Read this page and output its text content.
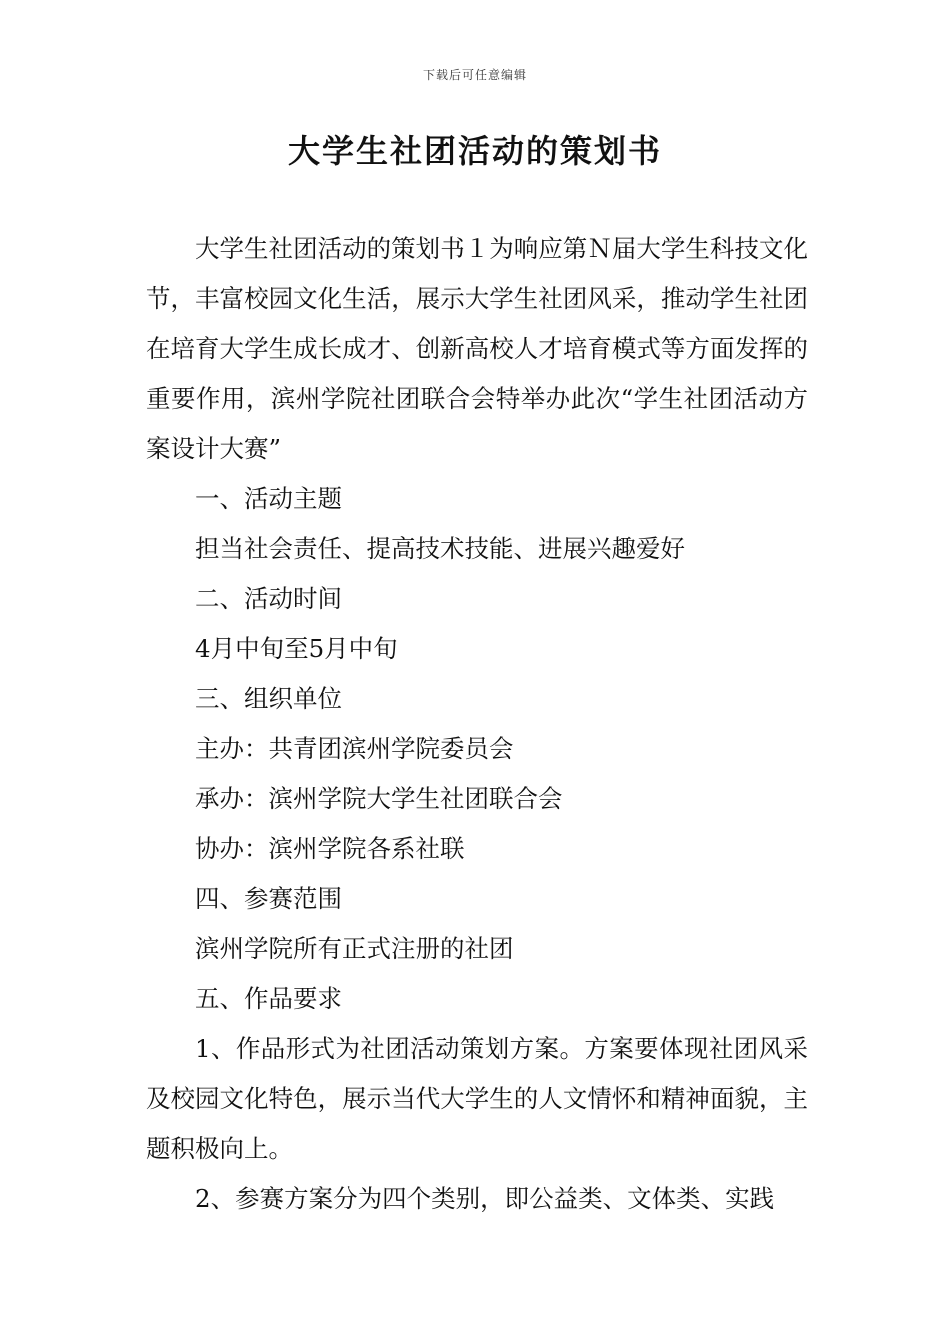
下载后可任意编辑
大学生社团活动的策划书

大学生社团活动的策划书１为响应第Ｎ届大学生科技文化节，丰富校园文化生活，展示大学生社团风采，推动学生社团在培育大学生成长成才、创新高校人才培育模式等方面发挥的重要作用，滨州学院社团联合会特举办此次“学生社团活动方案设计大赛”

一、活动主题

担当社会责任、提高技术技能、进展兴趣爱好

二、活动时间

4月中旬至5月中旬

三、组织单位

主办：共青团滨州学院委员会

承办：滨州学院大学生社团联合会

协办：滨州学院各系社联

四、参赛范围

滨州学院所有正式注册的社团

五、作品要求

1、作品形式为社团活动策划方案。方案要体现社团风采及校园文化特色，展示当代大学生的人文情怀和精神面貌，主题积极向上。

2、参赛方案分为四个类别，即公益类、文体类、实践
